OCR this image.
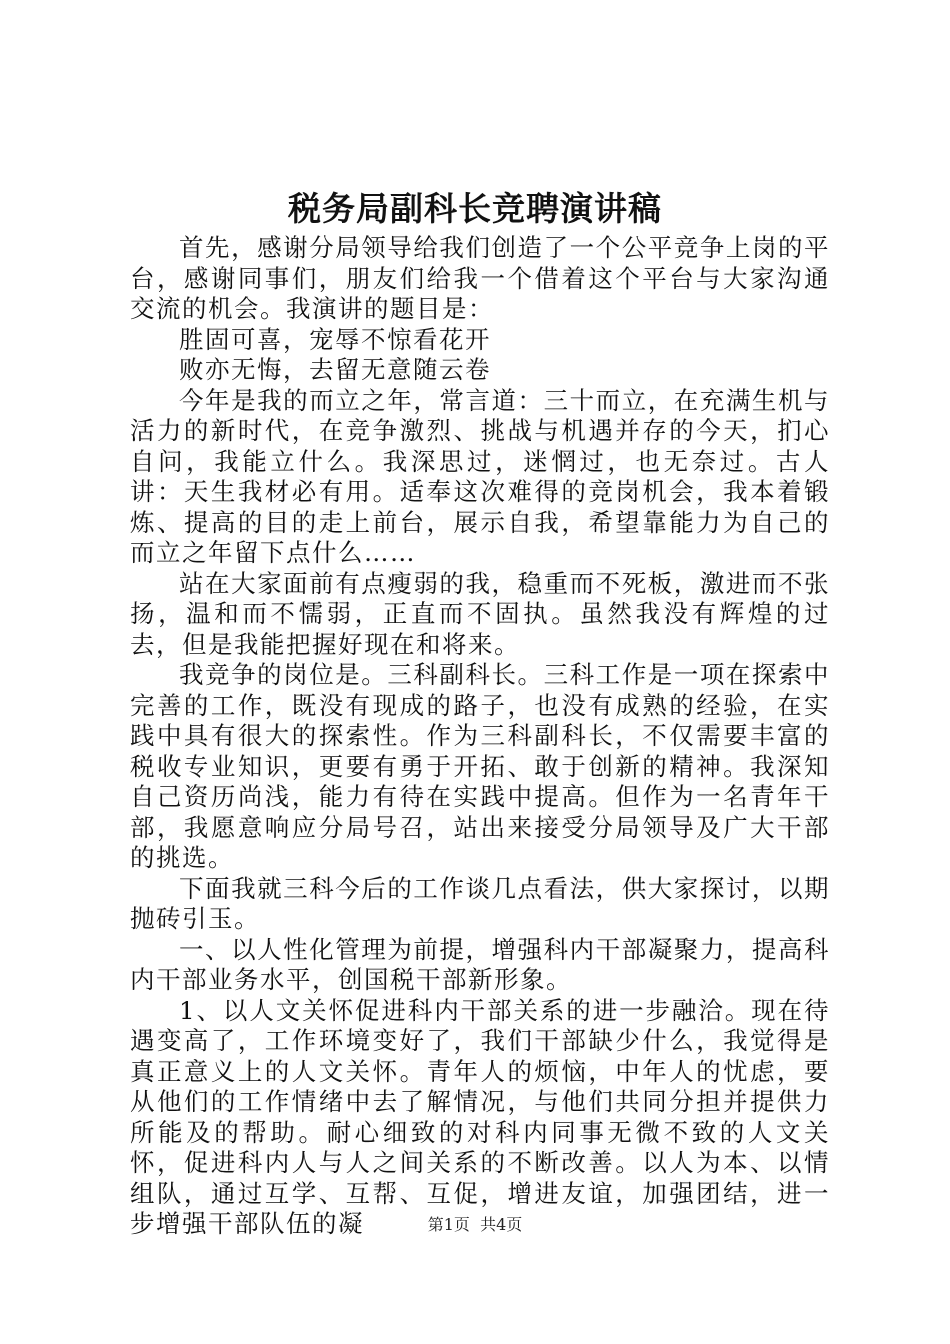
税务局副科长竞聘演讲稿

首先，感谢分局领导给我们创造了一个公平竞争上岗的平台，感谢同事们，朋友们给我一个借着这个平台与大家沟通交流的机会。我演讲的题目是：

胜固可喜，宠辱不惊看花开

败亦无悔，去留无意随云卷

今年是我的而立之年，常言道：三十而立，在充满生机与活力的新时代，在竞争激烈、挑战与机遇并存的今天，扪心自问，我能立什么。我深思过，迷惘过，也无奈过。古人讲：天生我材必有用。适奉这次难得的竞岗机会，我本着锻炼、提高的目的走上前台，展示自我，希望靠能力为自己的而立之年留下点什么……

站在大家面前有点瘦弱的我，稳重而不死板，激进而不张扬，温和而不懦弱，正直而不固执。虽然我没有辉煌的过去，但是我能把握好现在和将来。

我竞争的岗位是。三科副科长。三科工作是一项在探索中完善的工作，既没有现成的路子，也没有成熟的经验，在实践中具有很大的探索性。作为三科副科长，不仅需要丰富的税收专业知识，更要有勇于开拓、敢于创新的精神。我深知自己资历尚浅，能力有待在实践中提高。但作为一名青年干部，我愿意响应分局号召，站出来接受分局领导及广大干部的挑选。

下面我就三科今后的工作谈几点看法，供大家探讨，以期抛砖引玉。

一、以人性化管理为前提，增强科内干部凝聚力，提高科内干部业务水平，创国税干部新形象。

1、以人文关怀促进科内干部关系的进一步融洽。现在待遇变高了，工作环境变好了，我们干部缺少什么，我觉得是真正意义上的人文关怀。青年人的烦恼，中年人的忧虑，要从他们的工作情绪中去了解情况，与他们共同分担并提供力所能及的帮助。耐心细致的对科内同事无微不致的人文关怀，促进科内人与人之间关系的不断改善。以人为本、以情组队，通过互学、互帮、互促，增进友谊，加强团结，进一步增强干部队伍的凝	第1页 共4页
